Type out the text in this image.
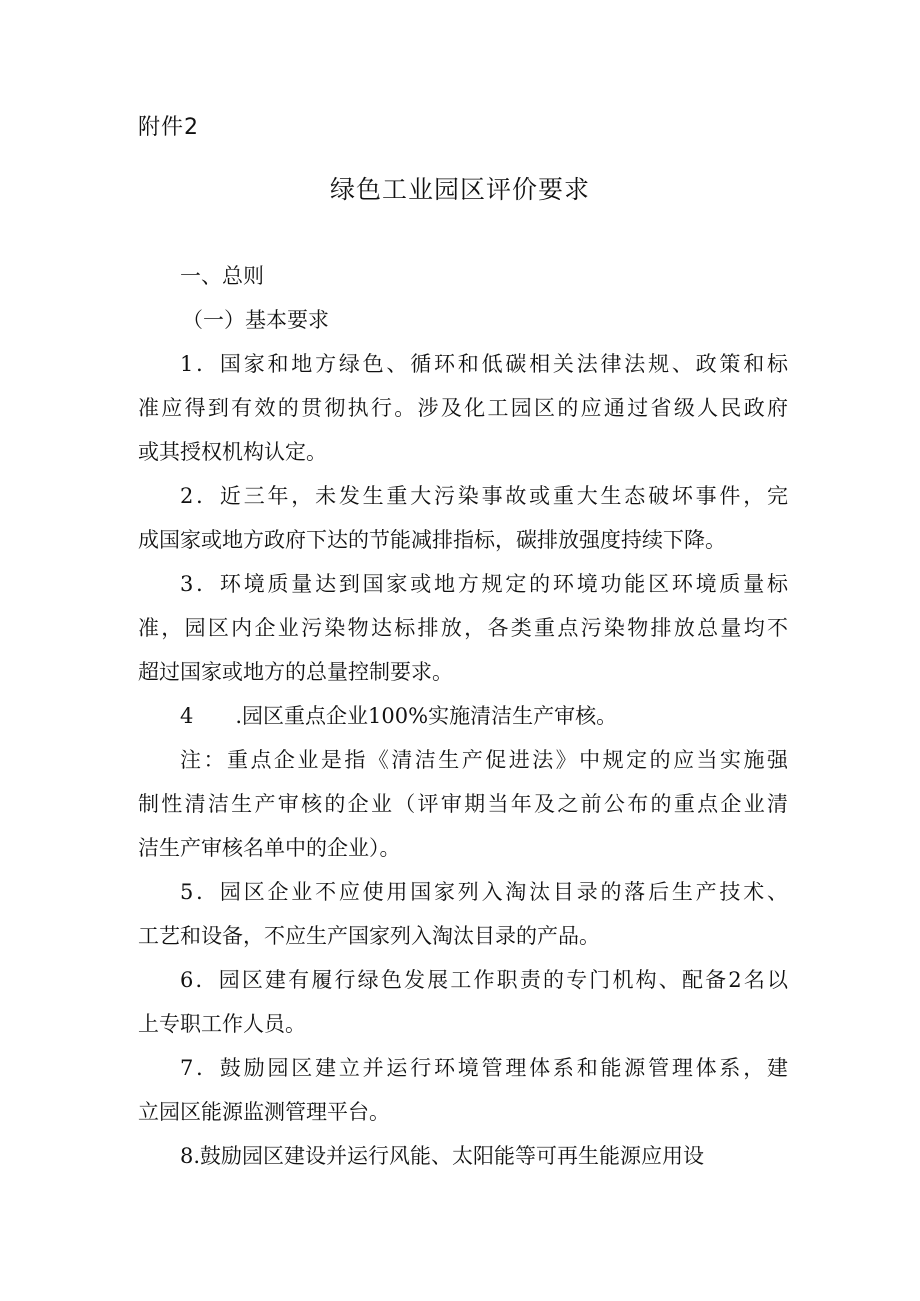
附件2
绿色工业园区评价要求
一、总则
（一）基本要求
1．国家和地方绿色、循环和低碳相关法律法规、政策和标
准应得到有效的贯彻执行。涉及化工园区的应通过省级人民政府
或其授权机构认定。
2．近三年，未发生重大污染事故或重大生态破坏事件，完
成国家或地方政府下达的节能减排指标，碳排放强度持续下降。
3．环境质量达到国家或地方规定的环境功能区环境质量标
准，园区内企业污染物达标排放，各类重点污染物排放总量均不
超过国家或地方的总量控制要求。
4　　.园区重点企业100%实施清洁生产审核。
注：重点企业是指《清洁生产促进法》中规定的应当实施强
制性清洁生产审核的企业（评审期当年及之前公布的重点企业清
洁生产审核名单中的企业）。
5．园区企业不应使用国家列入淘汰目录的落后生产技术、
工艺和设备，不应生产国家列入淘汰目录的产品。
6．园区建有履行绿色发展工作职责的专门机构、配备2名以
上专职工作人员。
7．鼓励园区建立并运行环境管理体系和能源管理体系，建
立园区能源监测管理平台。
8.鼓励园区建设并运行风能、太阳能等可再生能源应用设
